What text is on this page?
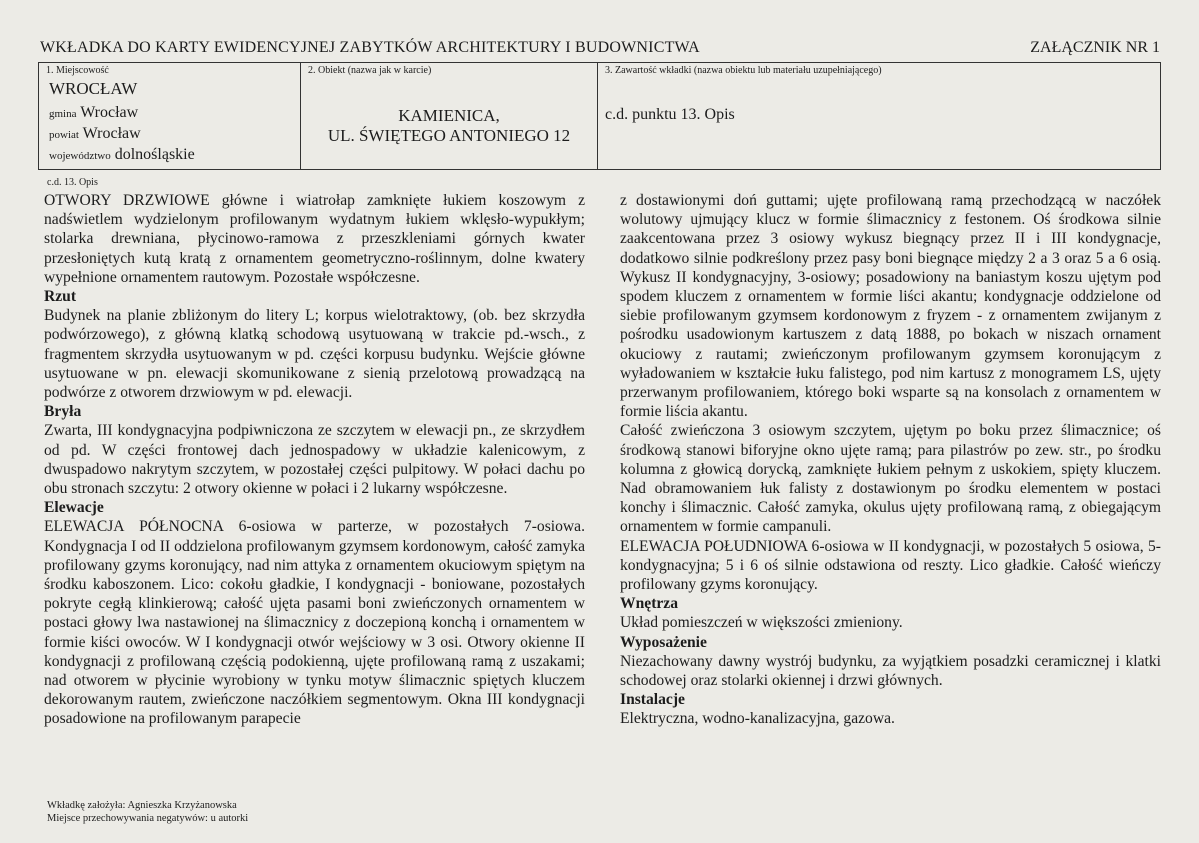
WKŁADKA DO KARTY EWIDENCYJNEJ ZABYTKÓW ARCHITEKTURY I BUDOWNICTWA	ZAŁĄCZNIK NR 1
1. Miejscowość
WROCŁAW
gmina Wrocław
powiat Wrocław
województwo dolnośląskie
2. Obiekt (nazwa jak w karcie)
KAMIENICA,
UL. ŚWIĘTEGO ANTONIEGO 12
3. Zawartość wkładki (nazwa obiektu lub materiału uzupełniającego)
c.d. punktu 13. Opis
c.d. 13. Opis

OTWORY DRZWIOWE główne i wiatrołap zamknięte łukiem koszowym z nadświetlem wydzielonym profilowanym wydatnym łukiem wklęsło-wypukłym; stolarka drewniana, płycinowo-ramowa z przeszkleniami górnych kwater przesłoniętych kutą kratą z ornamentem geometryczno-roślinnym, dolne kwatery wypełnione ornamentem rautowym. Pozostałe współczesne.

Rzut

Budynek na planie zbliżonym do litery L; korpus wielotraktowy, (ob. bez skrzydła podwórzowego), z główną klatką schodową usytuowaną w trakcie pd.-wsch., z fragmentem skrzydła usytuowanym w pd. części korpusu budynku. Wejście główne usytuowane w pn. elewacji skomunikowane z sienią przelotową prowadzącą na podwórze z otworem drzwiowym w pd. elewacji.

Bryła

Zwarta, III kondygnacyjna podpiwniczona ze szczytem w elewacji pn., ze skrzydłem od pd. W części frontowej dach jednospadowy w układzie kalenicowym, z dwuspadowo nakrytym szczytem, w pozostałej części pulpitowy. W połaci dachu po obu stronach szczytu: 2 otwory okienne w połaci i 2 lukarny współczesne.

Elewacje

ELEWACJA PÓŁNOCNA 6-osiowa w parterze, w pozostałych 7-osiowa. Kondygnacja I od II oddzielona profilowanym gzymsem kordonowym, całość zamyka profilowany gzyms koronujący, nad nim attyka z ornamentem okuciowym spiętym na środku kaboszonem. Lico: cokołu gładkie, I kondygnacji - boniowane, pozostałych pokryte cegłą klinkierową; całość ujęta pasami boni zwieńczonych ornamentem w postaci głowy lwa nastawionej na ślimacznicy z doczepioną konchą i ornamentem w formie kiści owoców. W I kondygnacji otwór wejściowy w 3 osi. Otwory okienne II kondygnacji z profilowaną częścią podokienną, ujęte profilowaną ramą z uszakami; nad otworem w płycinie wyrobiony w tynku motyw ślimacznic spiętych kluczem dekorowanym rautem, zwieńczone naczółkiem segmentowym. Okna III kondygnacji posadowione na profilowanym parapecie

z dostawionymi doń guttami; ujęte profilowaną ramą przechodzącą w naczółek wolutowy ujmujący klucz w formie ślimacznicy z festonem. Oś środkowa silnie zaakcentowana przez 3 osiowy wykusz biegnący przez II i III kondygnacje, dodatkowo silnie podkreślony przez pasy boni biegnące między 2 a 3 oraz 5 a 6 osią. Wykusz II kondygnacyjny, 3-osiowy; posadowiony na baniastym koszu ujętym pod spodem kluczem z ornamentem w formie liści akantu; kondygnacje oddzielone od siebie profilowanym gzymsem kordonowym z fryzem - z ornamentem zwijanym z pośrodku usadowionym kartuszem z datą 1888, po bokach w niszach ornament okuciowy z rautami; zwieńczonym profilowanym gzymsem koronującym z wyładowaniem w kształcie łuku falistego, pod nim kartusz z monogramem LS, ujęty przerwanym profilowaniem, którego boki wsparte są na konsolach z ornamentem w formie liścia akantu.

Całość zwieńczona 3 osiowym szczytem, ujętym po boku przez ślimacznice; oś środkową stanowi biforyjne okno ujęte ramą; para pilastrów po zew. str., po środku kolumna z głowicą dorycką, zamknięte łukiem pełnym z uskokiem, spięty kluczem. Nad obramowaniem łuk falisty z dostawionym po środku elementem w postaci konchy i ślimacznic. Całość zamyka, okulus ujęty profilowaną ramą, z obiegającym ornamentem w formie campanuli.

ELEWACJA POŁUDNIOWA 6-osiowa w II kondygnacji, w pozostałych 5 osiowa, 5-kondygnacyjna; 5 i 6 oś silnie odstawiona od reszty. Lico gładkie. Całość wieńczy profilowany gzyms koronujący.

Wnętrza

Układ pomieszczeń w większości zmieniony.

Wyposażenie

Niezachowany dawny wystrój budynku, za wyjątkiem posadzki ceramicznej i klatki schodowej oraz stolarki okiennej i drzwi głównych.

Instalacje

Elektryczna, wodno-kanalizacyjna, gazowa.

Wkładkę założyła: Agnieszka Krzyżanowska
Miejsce przechowywania negatywów: u autorki
